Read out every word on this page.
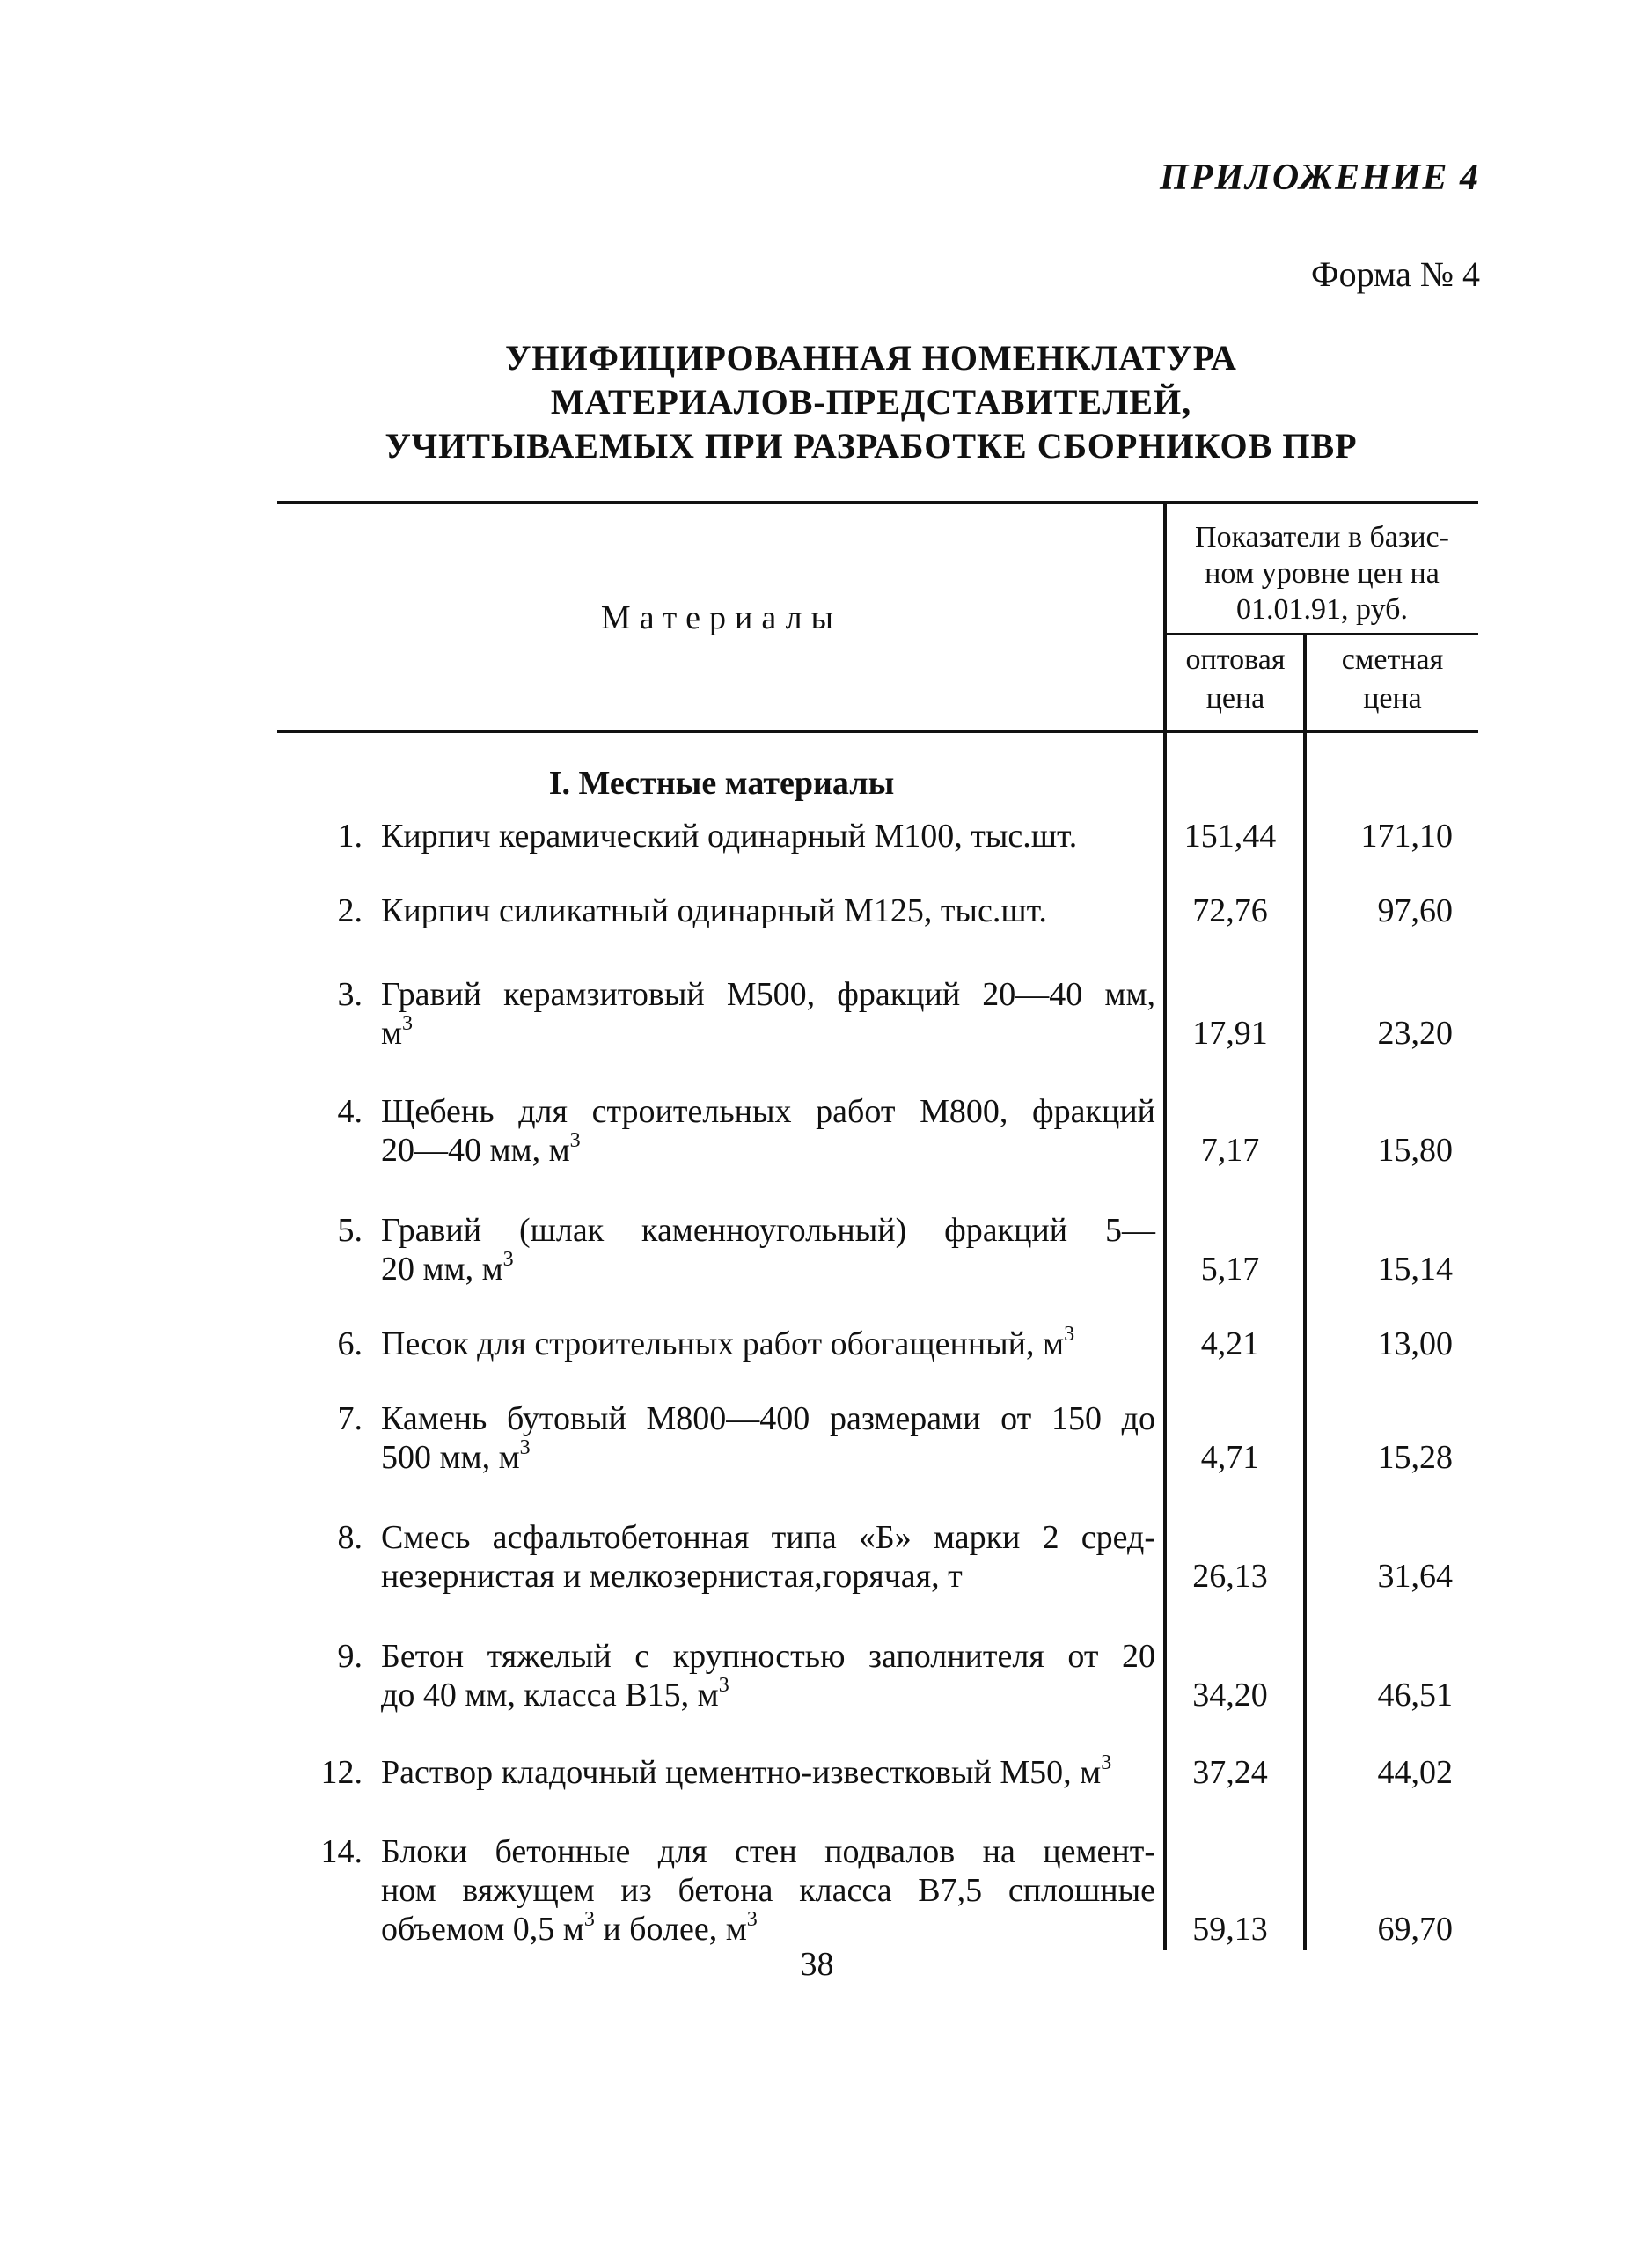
ПРИЛОЖЕНИЕ 4
Форма № 4
УНИФИЦИРОВАННАЯ НОМЕНКЛАТУРА
МАТЕРИАЛОВ-ПРЕДСТАВИТЕЛЕЙ,
УЧИТЫВАЕМЫХ ПРИ РАЗРАБОТКЕ СБОРНИКОВ ПВР
Материалы
Показатели в базис-
ном уровне цен на
01.01.91, руб.
оптовая
цена
сметная
цена
I. Местные материалы
1. Кирпич керамический одинарный М100, тыс.шт.	151,44	171,10
2. Кирпич силикатный одинарный М125, тыс.шт.	72,76	97,60
3. Гравий керамзитовый М500, фракций 20—40 мм,
$м^3$	17,91	23,20
4. Щебень для строительных работ М800, фракций
20—40 мм, $м^3$	7,17	15,80
5. Гравий (шлак каменноугольный) фракций 5—
20 мм, $м^3$	5,17	15,14
6. Песок для строительных работ обогащенный, $м^3$	4,21	13,00
7. Камень бутовый М800—400 размерами от 150 до
500 мм, $м^3$	4,71	15,28
8. Смесь асфальтобетонная типа «Б» марки 2 сред-
незернистая и мелкозернистая,горячая, т	26,13	31,64
9. Бетон тяжелый с крупностью заполнителя от 20
до 40 мм, класса В15, $м^3$	34,20	46,51
12. Раствор кладочный цементно-известковый М50, $м^3$	37,24	44,02
14. Блоки бетонные для стен подвалов на цемент-
ном вяжущем из бетона класса В7,5 сплошные
объемом 0,5 $м^3$ и более, $м^3$	59,13	69,70
38
